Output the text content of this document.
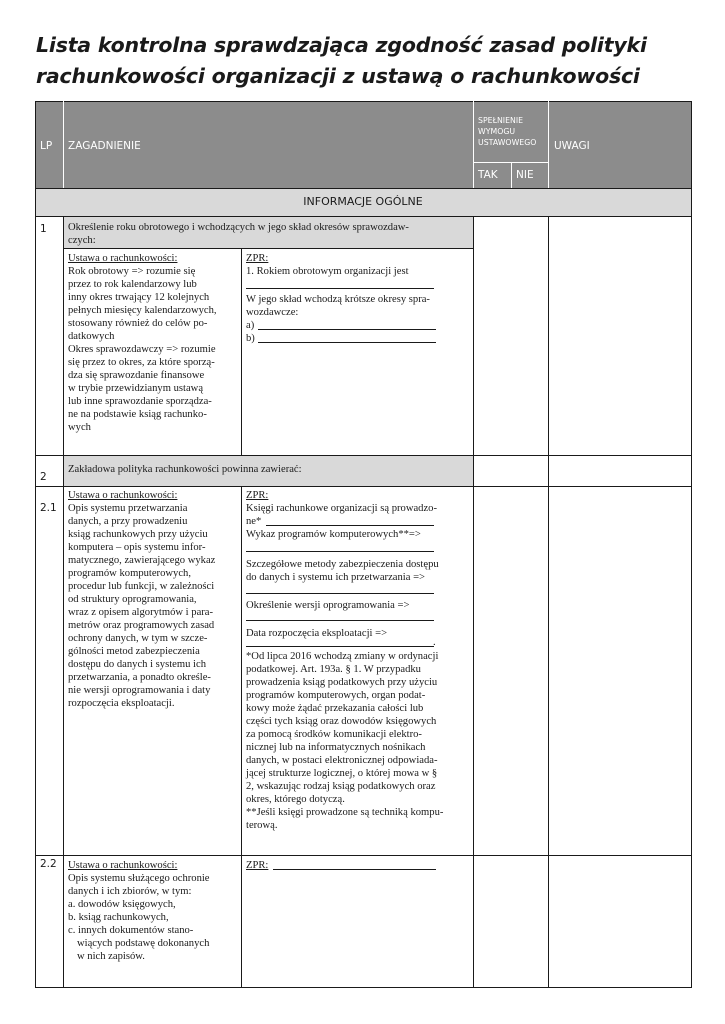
Lista kontrolna sprawdzająca zgodność zasad polityki
rachunkowości organizacji z ustawą o rachunkowości
LP ZAGADNIENIE
SPEŁNIENIE
WYMOGU
USTAWOWEGO
TAK NIE
UWAGI
INFORMACJE OGÓLNE
1 Określenie roku obrotowego i wchodzących w jego skład okresów sprawozdaw-
czych:
Ustawa o rachunkowości:
Rok obrotowy => rozumie się
przez to rok kalendarzowy lub
inny okres trwający 12 kolejnych
pełnych miesięcy kalendarzowych,
stosowany również do celów po-
datkowych
Okres sprawozdawczy => rozumie
się przez to okres, za które sporzą-
dza się sprawozdanie finansowe
w trybie przewidzianym ustawą
lub inne sprawozdanie sporządza-
ne na podstawie ksiąg rachunko-
wych
ZPR:
1. Rokiem obrotowym organizacji jest
W jego skład wchodzą krótsze okresy spra-
wozdawcze:
a)
b)
2
Zakładowa polityka rachunkowości powinna zawierać:
2.1
Ustawa o rachunkowości:
Opis systemu przetwarzania
danych, a przy prowadzeniu
ksiąg rachunkowych przy użyciu
komputera – opis systemu infor-
matycznego, zawierającego wykaz
programów komputerowych,
procedur lub funkcji, w zależności
od struktury oprogramowania,
wraz z opisem algorytmów i para-
metrów oraz programowych zasad
ochrony danych, w tym w szcze-
gólności metod zabezpieczenia
dostępu do danych i systemu ich
przetwarzania, a ponadto określe-
nie wersji oprogramowania i daty
rozpoczęcia eksploatacji.
ZPR:
Księgi rachunkowe organizacji są prowadzo-
ne*
Wykaz programów komputerowych**=>
Szczegółowe metody zabezpieczenia dostępu
do danych i systemu ich przetwarzania =>
Określenie wersji oprogramowania =>
Data rozpoczęcia eksploatacji =>
.
*Od lipca 2016 wchodzą zmiany w ordynacji
podatkowej. Art. 193a. § 1. W przypadku
prowadzenia ksiąg podatkowych przy użyciu
programów komputerowych, organ podat-
kowy może żądać przekazania całości lub
części tych ksiąg oraz dowodów księgowych
za pomocą środków komunikacji elektro-
nicznej lub na informatycznych nośnikach
danych, w postaci elektronicznej odpowiada-
jącej strukturze logicznej, o której mowa w §
2, wskazując rodzaj ksiąg podatkowych oraz
okres, którego dotyczą.
**Jeśli księgi prowadzone są techniką kompu-
terową.
2.2 Ustawa o rachunkowości:
Opis systemu służącego ochronie
danych i ich zbiorów, w tym:
a. dowodów księgowych,
b. ksiąg rachunkowych,
c. innych dokumentów stano-
wiących podstawę dokonanych
w nich zapisów.
ZPR:
